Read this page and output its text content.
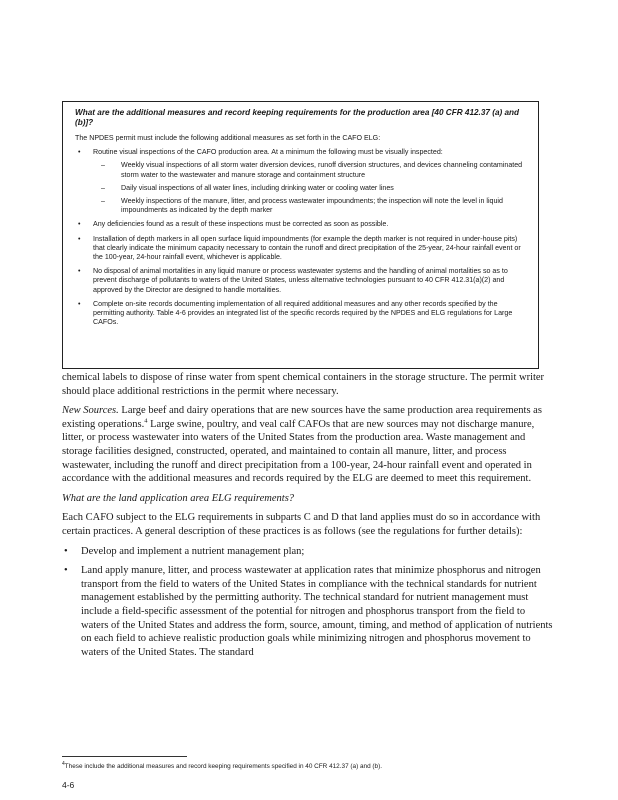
What are the additional measures and record keeping requirements for the production area [40 CFR 412.37 (a) and (b)]?
The NPDES permit must include the following additional measures as set forth in the CAFO ELG:
• Routine visual inspections of the CAFO production area. At a minimum the following must be visually inspected:
– Weekly visual inspections of all storm water diversion devices, runoff diversion structures, and devices channeling contaminated storm water to the wastewater and manure storage and containment structure
– Daily visual inspections of all water lines, including drinking water or cooling water lines
– Weekly inspections of the manure, litter, and process wastewater impoundments; the inspection will note the level in liquid impoundments as indicated by the depth marker
• Any deficiencies found as a result of these inspections must be corrected as soon as possible.
• Installation of depth markers in all open surface liquid impoundments (for example the depth marker is not required in under-house pits) that clearly indicate the minimum capacity necessary to contain the runoff and direct precipitation of the 25-year, 24-hour rainfall event or the 100-year, 24-hour rainfall event, whichever is applicable.
• No disposal of animal mortalities in any liquid manure or process wastewater systems and the handling of animal mortalities so as to prevent discharge of pollutants to waters of the United States, unless alternative technologies pursuant to 40 CFR 412.31(a)(2) and approved by the Director are designed to handle mortalities.
• Complete on-site records documenting implementation of all required additional measures and any other records specified by the permitting authority. Table 4-6 provides an integrated list of the specific records required by the NPDES and ELG regulations for Large CAFOs.

chemical labels to dispose of rinse water from spent chemical containers in the storage structure. The permit writer should place additional restrictions in the permit where necessary.

New Sources. Large beef and dairy operations that are new sources have the same production area requirements as existing operations.$^4$ Large swine, poultry, and veal calf CAFOs that are new sources may not discharge manure, litter, or process wastewater into waters of the United States from the production area. Waste management and storage facilities designed, constructed, operated, and maintained to contain all manure, litter, and process wastewater, including the runoff and direct precipitation from a 100-year, 24-hour rainfall event and operated in accordance with the additional measures and records required by the ELG are deemed to meet this requirement.

What are the land application area ELG requirements?

Each CAFO subject to the ELG requirements in subparts C and D that land applies must do so in accordance with certain practices. A general description of these practices is as follows (see the regulations for further details):

• Develop and implement a nutrient management plan;
• Land apply manure, litter, and process wastewater at application rates that minimize phosphorus and nitrogen transport from the field to waters of the United States in compliance with the technical standards for nutrient management established by the permitting authority. The technical standard for nutrient management must include a field-specific assessment of the potential for nitrogen and phosphorus transport from the field to waters of the United States and address the form, source, amount, timing, and method of application of nutrients on each field to achieve realistic production goals while minimizing nitrogen and phosphorus movement to waters of the United States. The standard
$^4$These include the additional measures and record keeping requirements specified in 40 CFR 412.37 (a) and (b).
4-6
